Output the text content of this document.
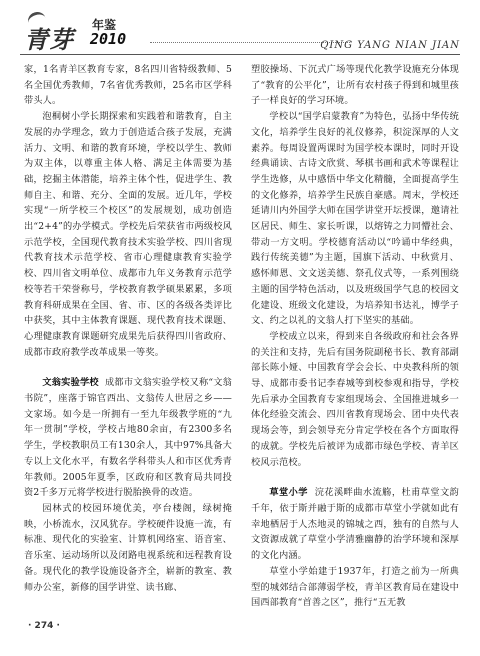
青芽 年鉴
2010	QING YANG NIAN JIAN

家，1名青羊区教育专家，8名四川省特级教师、5名全国优秀教师，7名省优秀教师，25名市区学科带头人。

泡桐树小学长期探索和实践着和谐教育，自主发展的办学理念，致力于创造适合孩子发展，充满活力、文明、和谐的教育环境，学校以学生、教师为双主体，以尊重主体人格、满足主体需要为基础，挖掘主体潜能，培养主体个性，促进学生、教师自主、和谐、充分、全面的发展。近几年，学校实现“一所学校三个校区”的发展规划，成功创造出“2+4”的办学模式。学校先后荣获省市两级校风示范学校，全国现代教育技术实验学校、四川省现代教育技术示范学校、省市心理健康教育实验学校、四川省文明单位、成都市九年义务教育示范学校等若干荣誉称号，学校教育教学硕果累累，多项教育科研成果在全国、省、市、区的各级各类评比中获奖，其中主体教育课题、现代教育技术课题、心理健康教育课题研究成果先后获得四川省政府、成都市政府教学改革成果一等奖。

文翁实验学校 成都市文翁实验学校又称“文翁书院”，座落于锦官西出、文翁传人世居之乡——文家场。如今是一所拥有一至九年级教学班的“九年一贯制”学校，学校占地80余亩，有2300多名学生，学校教职员工有130余人，其中97%具备大专以上文化水平，有数名学科带头人和市区优秀青年教师。2005年夏季，区政府和区教育局共同投资2千多万元将学校进行脱胎换骨的改造。

园林式的校园环境优美，亭台楼阁，绿树掩映，小桥流水，汉风犹存。学校硬件设施一流，有标准、现代化的实验室、计算机网络室、语音室、音乐室、运动场所以及闭路电视系统和远程教育设备。现代化的教学设施设备齐全，崭新的教室、教师办公室，新修的国学讲堂、读书廊、

塑胶操场、下沉式广场等现代化教学设施充分体现了“教育的公平化”，让所有农村孩子得到和城里孩子一样良好的学习环境。

学校以“国学启蒙教育”为特色，弘扬中华传统文化，培养学生良好的礼仪修养，积淀深厚的人文素养。每周设置两课时为国学校本课时，同时开设经典诵读、古诗文欣赏、琴棋书画和武术等课程让学生选修，从中感悟中华文化精髓，全面提高学生的文化修养，培养学生民族自豪感。周末，学校还延请川内外国学大师在国学讲堂开坛授课，邀请社区居民、师生、家长听课，以熔铸之力同懵社会、带动一方文明。学校德育活动以“吟诵中华经典，践行传统美德”为主题，国旗下活动、中秋赏月、感怀师恩、文文送美德、祭孔仪式等，一系列围绕主题的国学特色活动，以及班级国学气息的校园文化建设、班级文化建设，为培养知书达礼，博学子文、约之以礼的文翁人打下坚实的基础。

学校成立以来，得到来自各级政府和社会各界的关注和支持，先后有国务院副秘书长、教育部副部长陈小娅、中国教育学会会长、中央教科所的领导、成都市委书记李春城等到校参观和指导，学校先后承办全国教育专家组现场会、全国推进城乡一体化经验交流会、四川省教育现场会、团中央代表现场会等，到会领导充分肯定学校在各个方面取得的成就。学校先后被评为成都市绿色学校、青羊区校风示范校。

草堂小学 浣花溪畔曲水流觞，杜甫草堂文韵千年，依于斯并融于斯的成都市草堂小学就如此有幸地栖居于人杰地灵的锦城之西，独有的自然与人文资源成就了草堂小学清雅幽静的治学环境和深厚的文化内涵。

草堂小学始建于1937年，打造之前为一所典型的城郊结合部薄弱学校，青羊区教育局在建设中国西部教育“首善之区”，推行“五无教

· 274 ·
